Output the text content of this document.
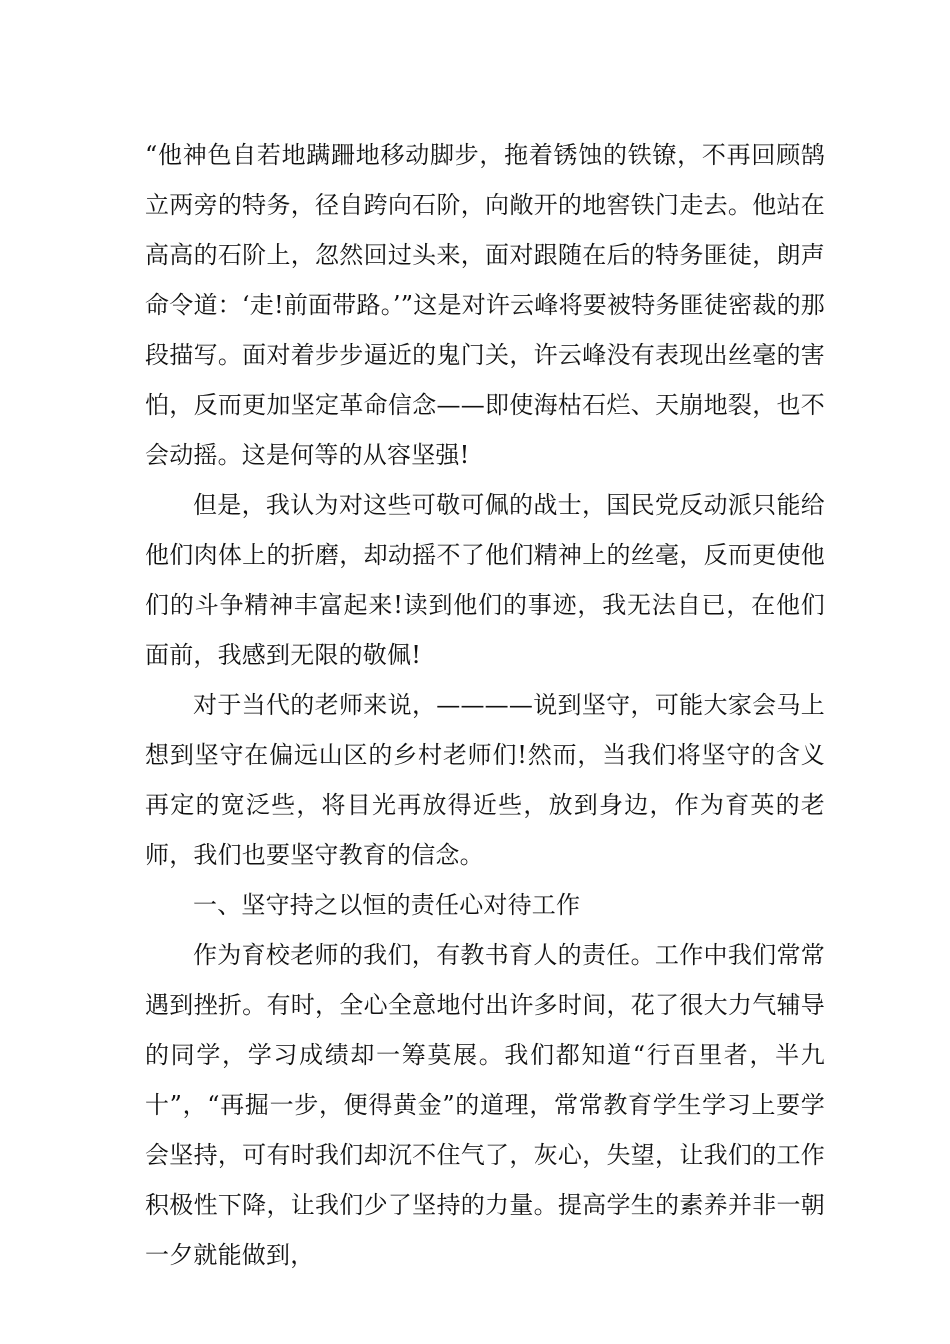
“他神色自若地蹒跚地移动脚步，拖着锈蚀的铁镣，不再回顾鹄立两旁的特务，径自跨向石阶，向敞开的地窖铁门走去。他站在高高的石阶上，忽然回过头来，面对跟随在后的特务匪徒，朗声命令道：‘走!前面带路。’”这是对许云峰将要被特务匪徒密裁的那段描写。面对着步步逼近的鬼门关，许云峰没有表现出丝毫的害怕，反而更加坚定革命信念——即使海枯石烂、天崩地裂，也不会动摇。这是何等的从容坚强!

但是，我认为对这些可敬可佩的战士，国民党反动派只能给他们肉体上的折磨，却动摇不了他们精神上的丝毫，反而更使他们的斗争精神丰富起来!读到他们的事迹，我无法自已，在他们面前，我感到无限的敬佩!

对于当代的老师来说，————说到坚守，可能大家会马上想到坚守在偏远山区的乡村老师们!然而，当我们将坚守的含义再定的宽泛些，将目光再放得近些，放到身边，作为育英的老师，我们也要坚守教育的信念。

一、坚守持之以恒的责任心对待工作

作为育校老师的我们，有教书育人的责任。工作中我们常常遇到挫折。有时，全心全意地付出许多时间，花了很大力气辅导的同学，学习成绩却一筹莫展。我们都知道“行百里者，半九十”，“再掘一步，便得黄金”的道理，常常教育学生学习上要学会坚持，可有时我们却沉不住气了，灰心，失望，让我们的工作积极性下降，让我们少了坚持的力量。提高学生的素养并非一朝一夕就能做到，
